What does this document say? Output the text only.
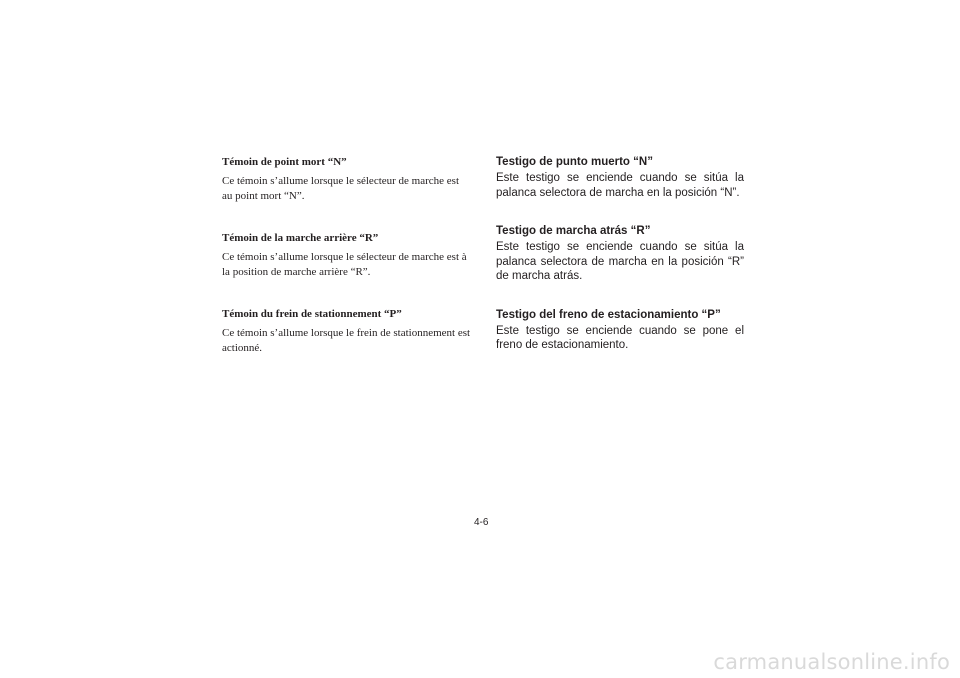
Témoin de point mort “N”

Ce témoin s’allume lorsque le sélecteur de marche est au point mort “N”.

Témoin de la marche arrière “R”

Ce témoin s’allume lorsque le sélecteur de marche est à la position de marche arrière “R”.

Témoin du frein de stationnement “P”

Ce témoin s’allume lorsque le frein de stationnement est actionné.

Testigo de punto muerto “N”

Este testigo se enciende cuando se sitúa la palanca selectora de marcha en la posición “N”.

Testigo de marcha atrás “R”

Este testigo se enciende cuando se sitúa la palanca selectora de marcha en la posición “R” de marcha atrás.

Testigo del freno de estacionamiento “P”

Este testigo se enciende cuando se pone el freno de estacionamiento.

4-6

carmanualsonline.info
